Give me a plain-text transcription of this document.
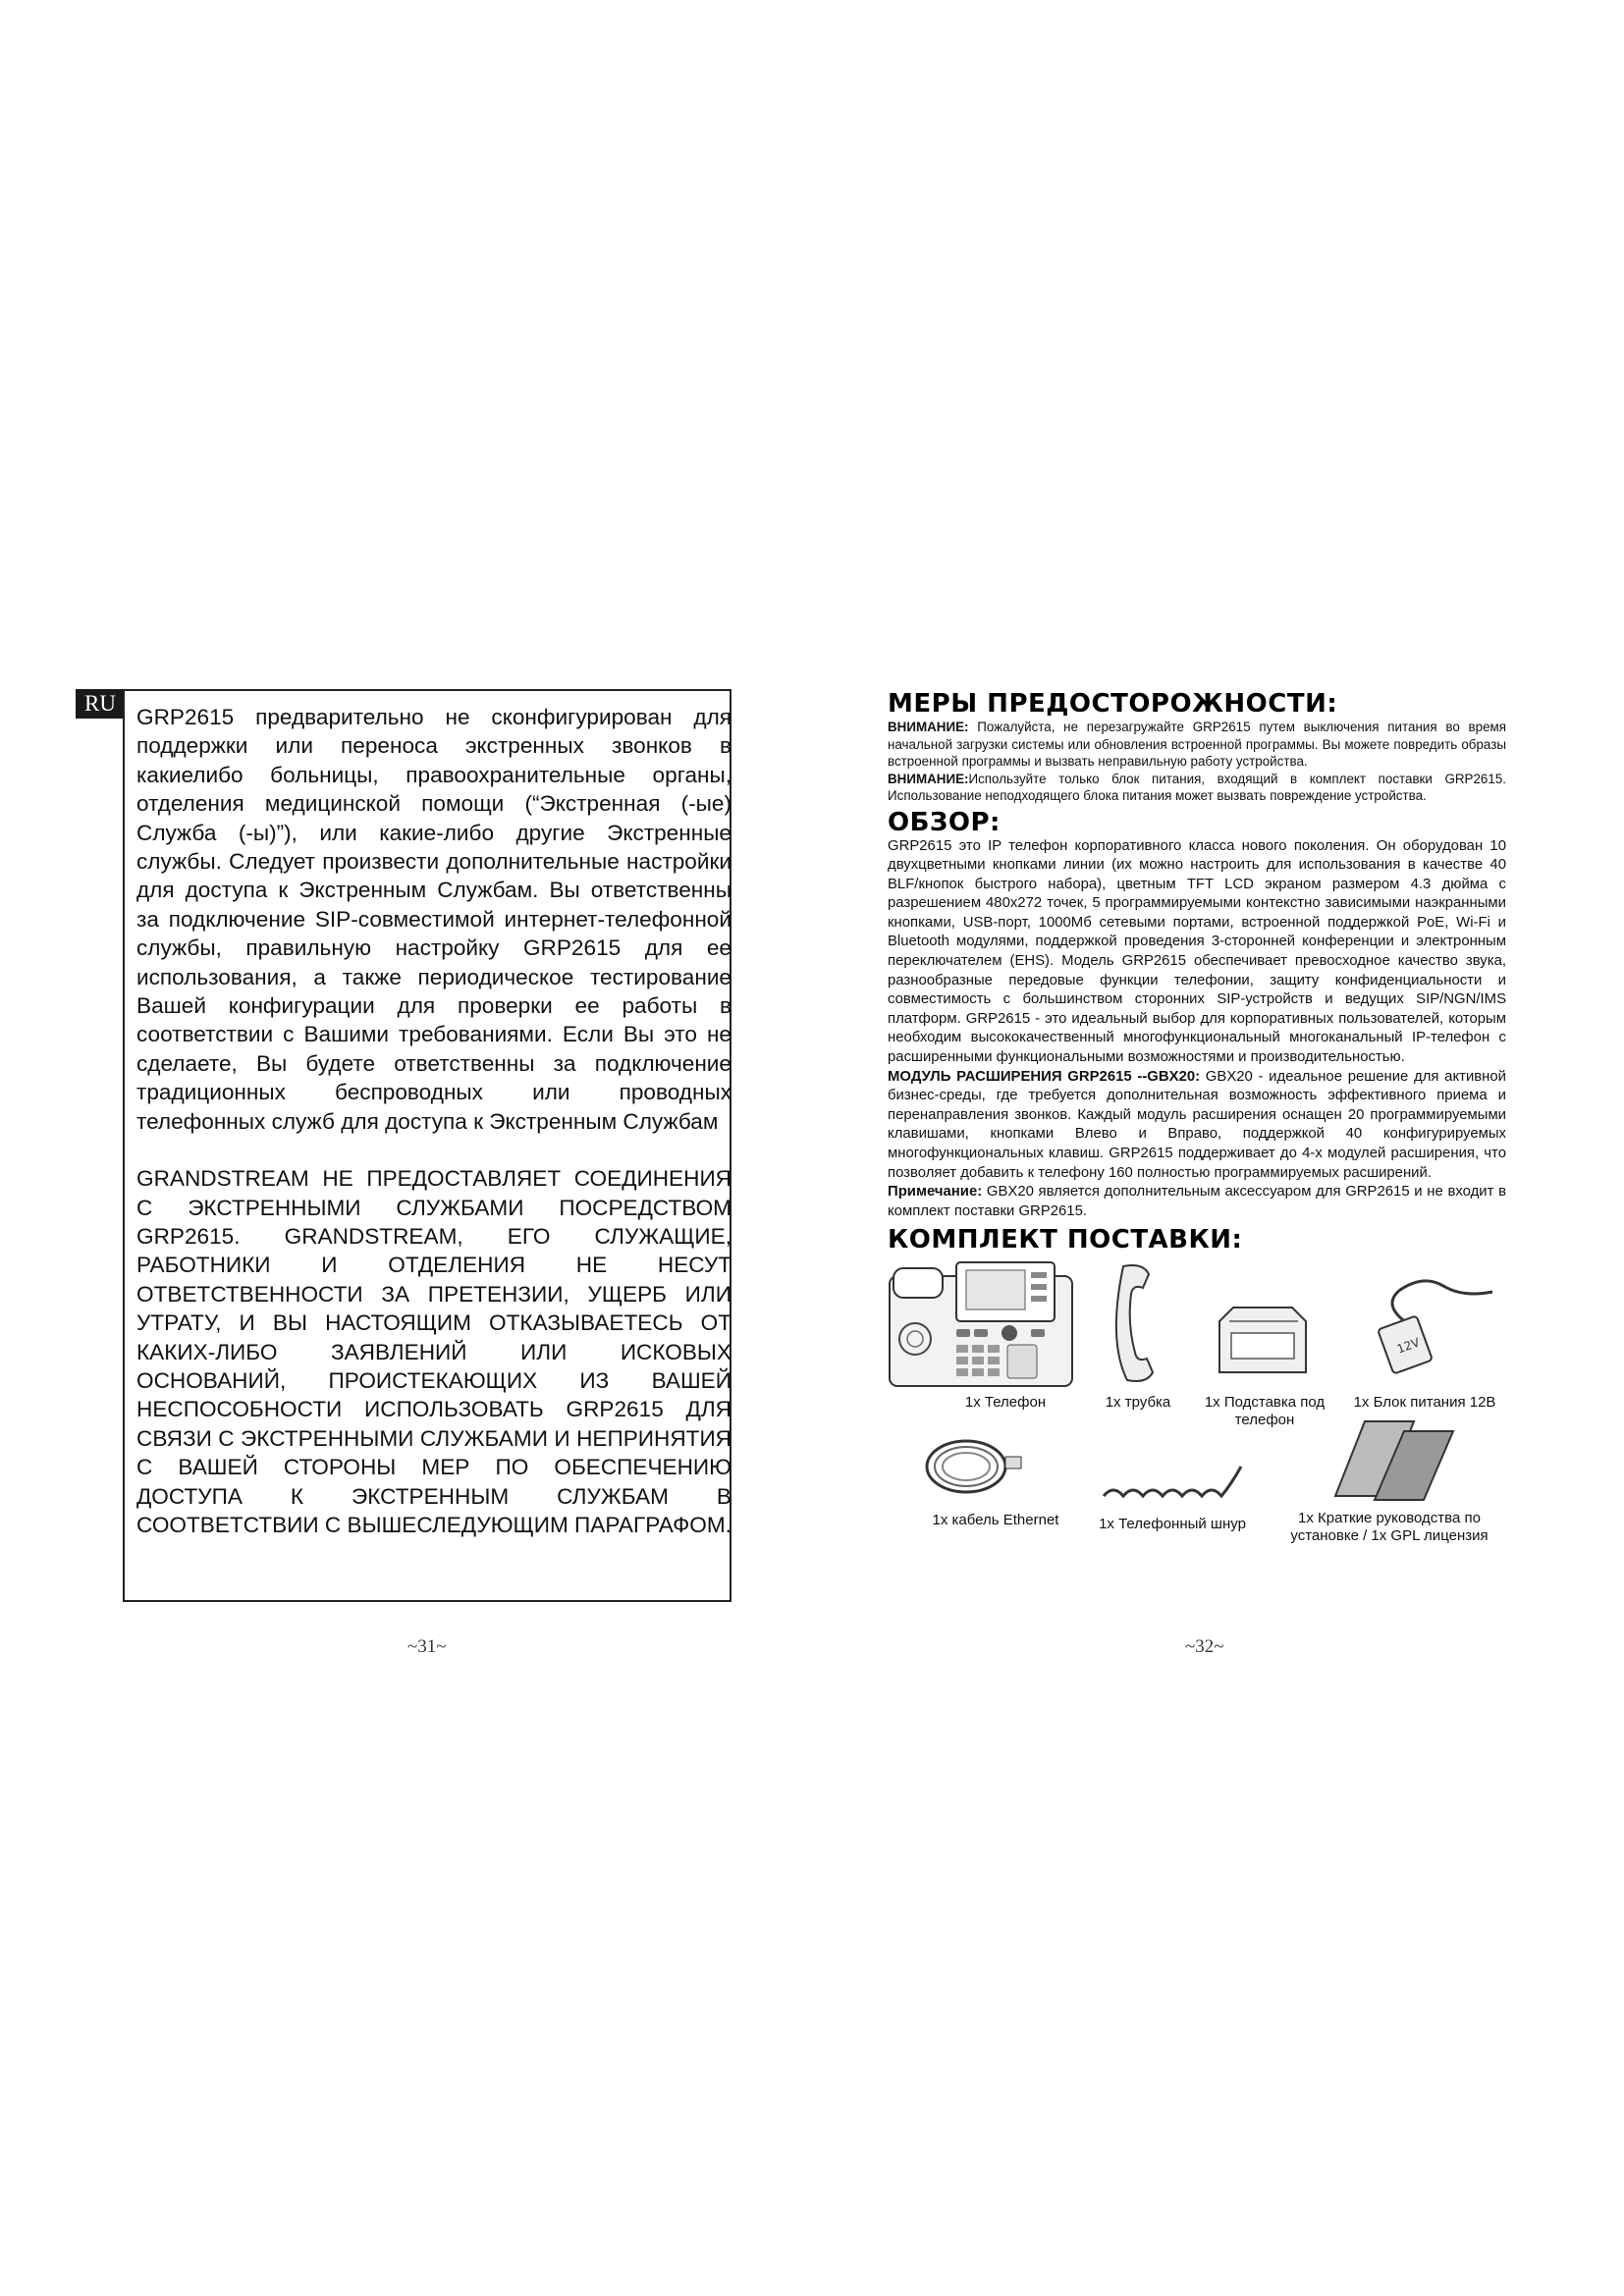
RU

GRP2615 предварительно не сконфигурирован для поддержки или переноса экстренных звонков в какиелибо больницы, правоохранительные органы, отделения медицинской помощи (“Экстренная (-ые) Служба (-ы)”), или какие-либо другие Экстренные службы. Следует произвести дополнительные настройки для доступа к Экстренным Службам. Вы ответственны за подключение SIP-совместимой интернет-телефонной службы, правильную настройку GRP2615 для ее использования, а также периодическое тестирование Вашей конфигурации для проверки ее работы в соответствии с Вашими требованиями. Если Вы это не сделаете, Вы будете ответственны за подключение традиционных беспроводных или проводных телефонных служб для доступа к Экстренным Службам

GRANDSTREAM НЕ ПРЕДОСТАВЛЯЕТ СОЕДИНЕНИЯ С ЭКСТРЕННЫМИ СЛУЖБАМИ ПОСРЕДСТВОМ GRP2615. GRANDSTREAM, ЕГО СЛУЖАЩИЕ, РАБОТНИКИ И ОТДЕЛЕНИЯ НЕ НЕСУТ ОТВЕТСТВЕННОСТИ ЗА ПРЕТЕНЗИИ, УЩЕРБ ИЛИ УТРАТУ, И ВЫ НАСТОЯЩИМ ОТКАЗЫВАЕТЕСЬ ОТ КАКИХ-ЛИБО ЗАЯВЛЕНИЙ ИЛИ ИСКОВЫХ ОСНОВАНИЙ, ПРОИСТЕКАЮЩИХ ИЗ ВАШЕЙ НЕСПОСОБНОСТИ ИСПОЛЬЗОВАТЬ GRP2615 ДЛЯ СВЯЗИ С ЭКСТРЕННЫМИ СЛУЖБАМИ И НЕПРИНЯТИЯ С ВАШЕЙ СТОРОНЫ МЕР ПО ОБЕСПЕЧЕНИЮ ДОСТУПА К ЭКСТРЕННЫМ СЛУЖБАМ В СООТВЕТСТВИИ С ВЫШЕСЛЕДУЮЩИМ ПАРАГРАФОМ.

~31~
МЕРЫ ПРЕДОСТОРОЖНОСТИ:

ВНИМАНИЕ: Пожалуйста, не перезагружайте GRP2615 путем выключения питания во время начальной загрузки системы или обновления встроенной программы. Вы можете повредить образы встроенной программы и вызвать неправильную работу устройства.

ВНИМАНИЕ:Используйте только блок питания, входящий в комплект поставки GRP2615. Использование неподходящего блока питания может вызвать повреждение устройства.

ОБЗОР:

GRP2615 это IP телефон корпоративного класса нового поколения. Он оборудован 10 двухцветными кнопками линии (их можно настроить для использования в качестве 40 BLF/кнопок быстрого набора), цветным TFT LCD экраном размером 4.3 дюйма с разрешением 480x272 точек, 5 программируемыми контекстно зависимыми наэкранными кнопками, USB-порт, 1000Мб сетевыми портами, встроенной поддержкой PoE, Wi-Fi и Bluetooth модулями, поддержкой проведения 3-сторонней конференции и электронным переключателем (EHS). Модель GRP2615 обеспечивает превосходное качество звука, разнообразные передовые функции телефонии, защиту конфиденциальности и совместимость с большинством сторонних SIP-устройств и ведущих SIP/NGN/IMS платформ. GRP2615 - это идеальный выбор для корпоративных пользователей, которым необходим высококачественный многофункциональный многоканальный IP-телефон с расширенными функциональными возможностями и производительностью.

МОДУЛЬ РАСШИРЕНИЯ GRP2615 --GBX20: GBX20 - идеальное решение для активной бизнес-среды, где требуется дополнительная возможность эффективного приема и перенаправления звонков. Каждый модуль расширения оснащен 20 программируемыми клавишами, кнопками Влево и Вправо, поддержкой 40 конфигурируемых многофункциональных клавиш. GRP2615 поддерживает до 4-х модулей расширения, что позволяет добавить к телефону 160 полностью программируемых расширений.

Примечание: GBX20 является дополнительным аксессуаром для GRP2615 и не входит в комплект поставки GRP2615.

КОМПЛЕКТ ПОСТАВКИ:
1x Телефон	1x трубка	1x Подставка под телефон
12V
1x Блок питания 12В
1x кабель Ethernet	1x Телефонный шнур	1x Краткие руководства по установке / 1x GPL лицензия
~32~
